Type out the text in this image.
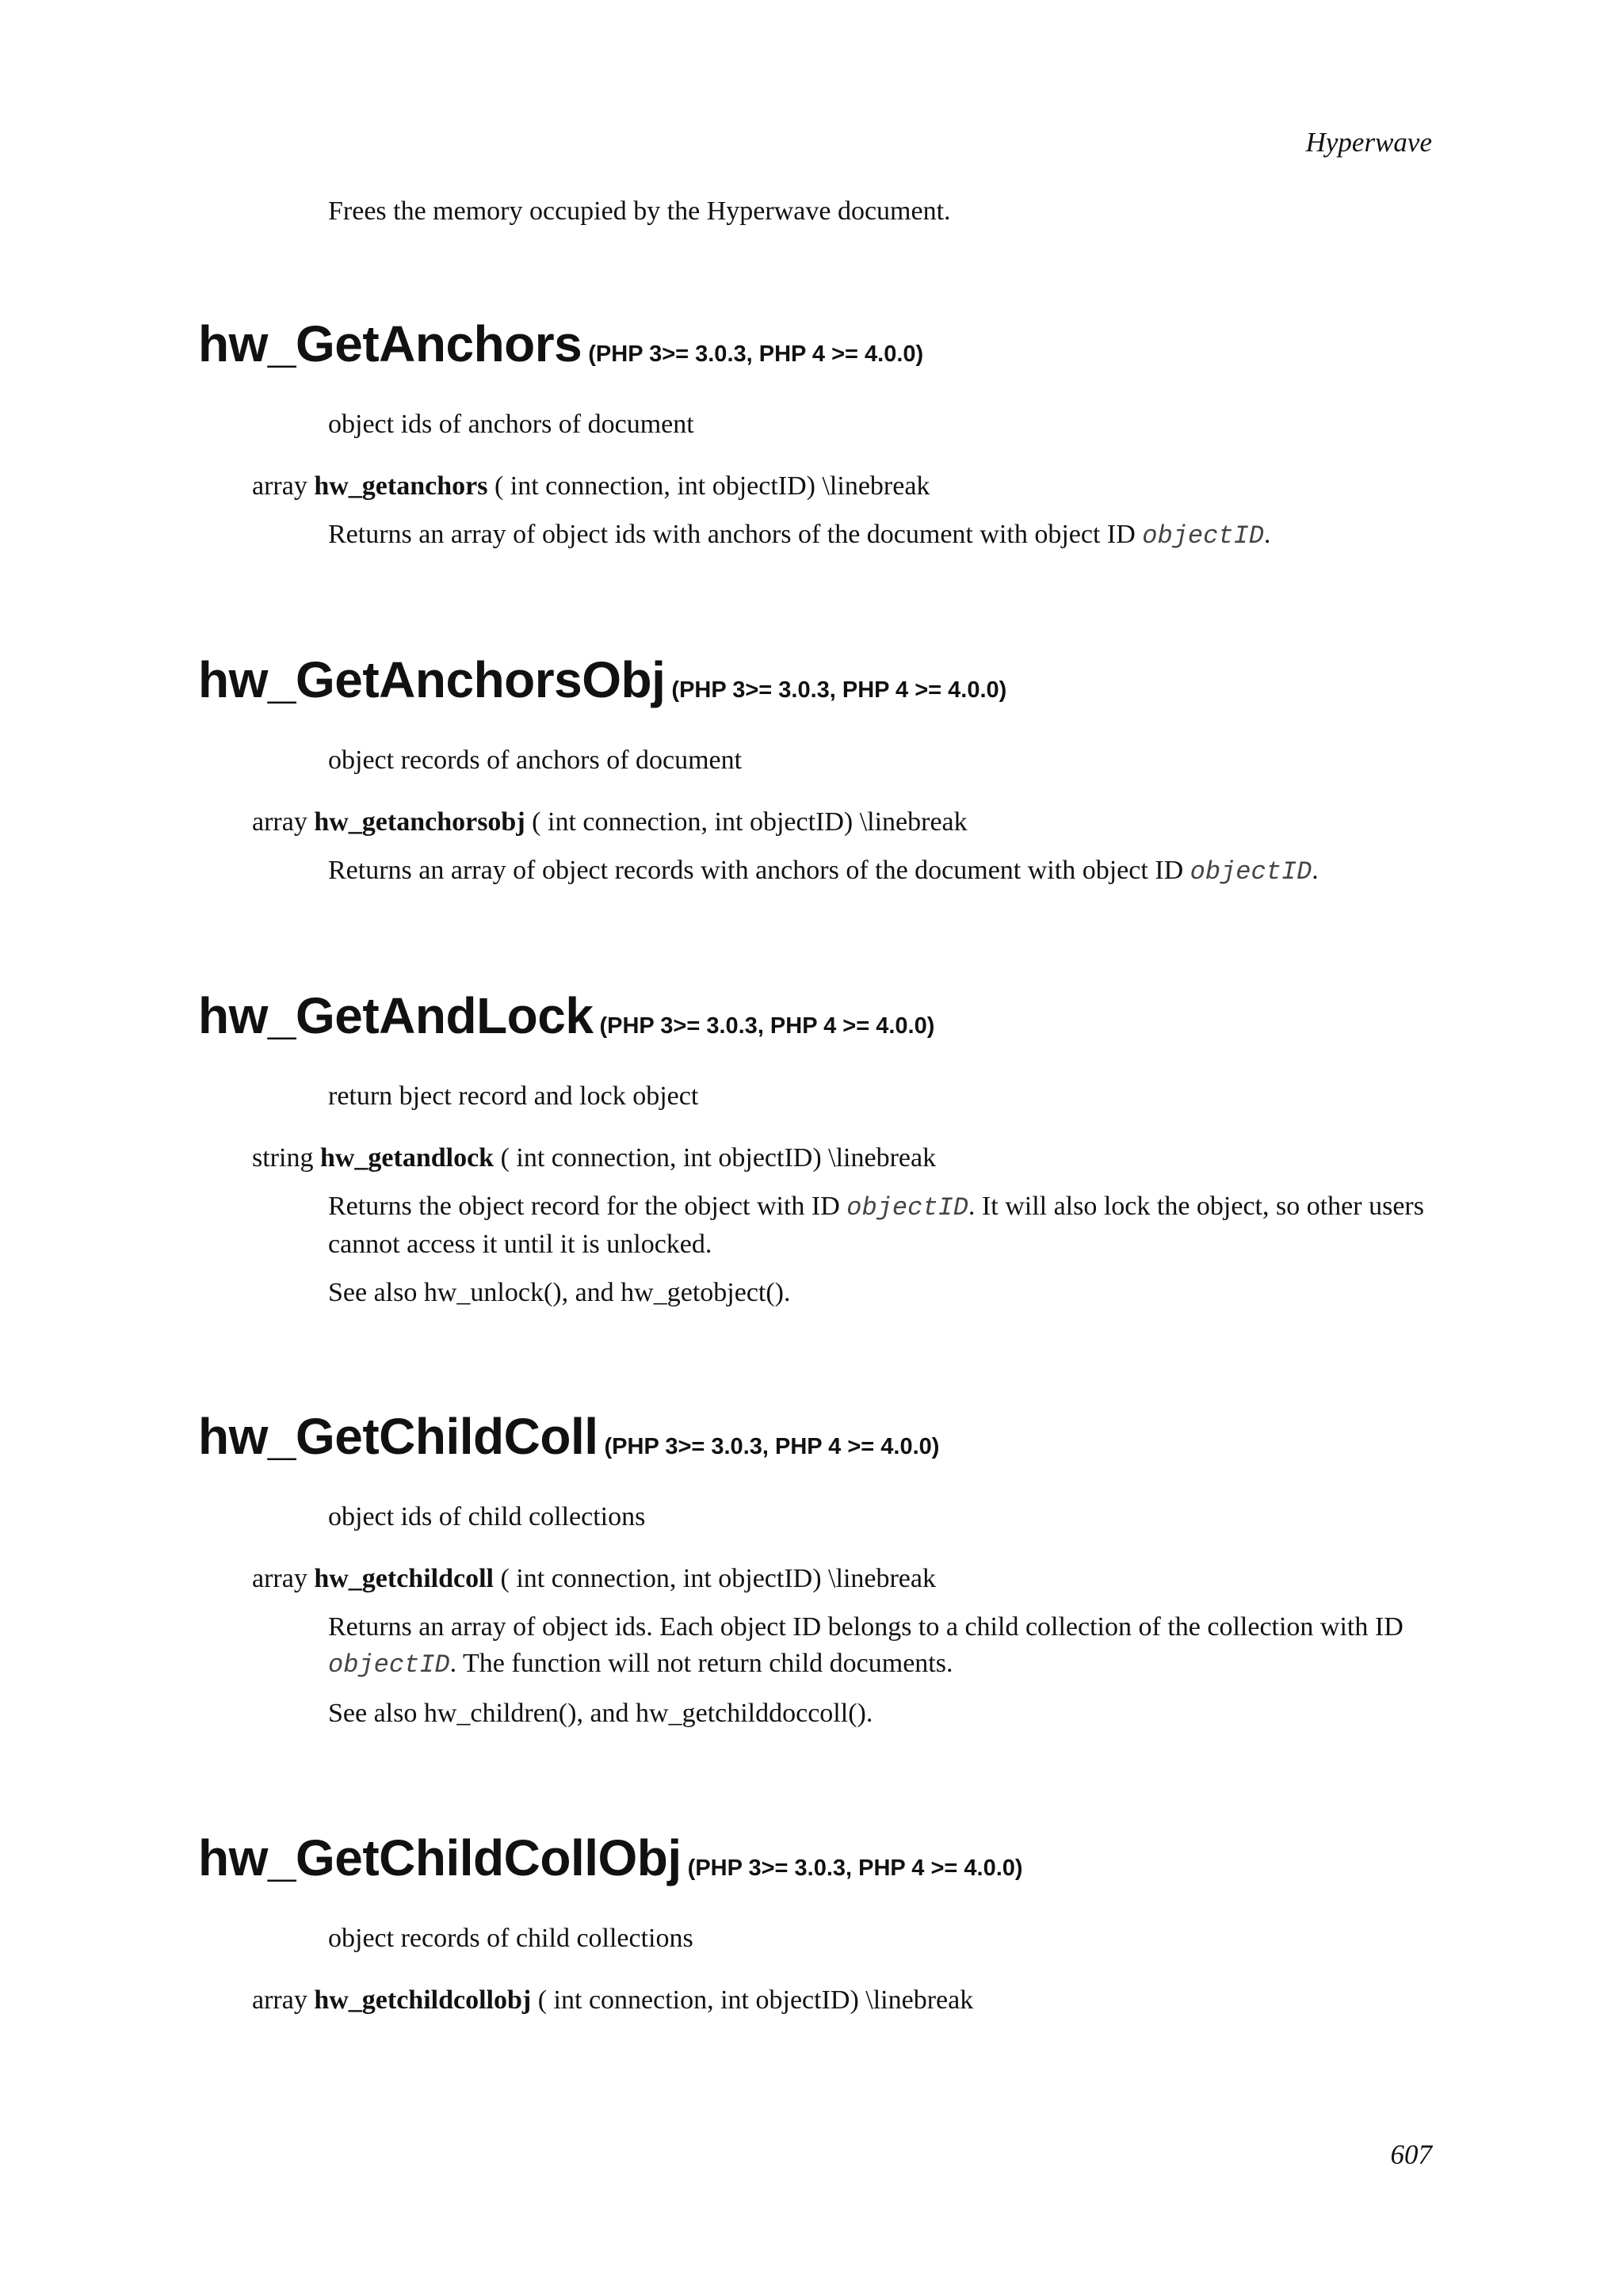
Hyperwave
Frees the memory occupied by the Hyperwave document.
hw_GetAnchors (PHP 3>= 3.0.3, PHP 4 >= 4.0.0)
object ids of anchors of document
array hw_getanchors ( int connection, int objectID) \linebreak
Returns an array of object ids with anchors of the document with object ID objectID.
hw_GetAnchorsObj (PHP 3>= 3.0.3, PHP 4 >= 4.0.0)
object records of anchors of document
array hw_getanchorsobj ( int connection, int objectID) \linebreak
Returns an array of object records with anchors of the document with object ID objectID.
hw_GetAndLock (PHP 3>= 3.0.3, PHP 4 >= 4.0.0)
return bject record and lock object
string hw_getandlock ( int connection, int objectID) \linebreak
Returns the object record for the object with ID objectID. It will also lock the object, so other users cannot access it until it is unlocked.
See also hw_unlock(), and hw_getobject().
hw_GetChildColl (PHP 3>= 3.0.3, PHP 4 >= 4.0.0)
object ids of child collections
array hw_getchildcoll ( int connection, int objectID) \linebreak
Returns an array of object ids. Each object ID belongs to a child collection of the collection with ID objectID. The function will not return child documents.
See also hw_children(), and hw_getchilddoccoll().
hw_GetChildCollObj (PHP 3>= 3.0.3, PHP 4 >= 4.0.0)
object records of child collections
array hw_getchildcollobj ( int connection, int objectID) \linebreak
607
